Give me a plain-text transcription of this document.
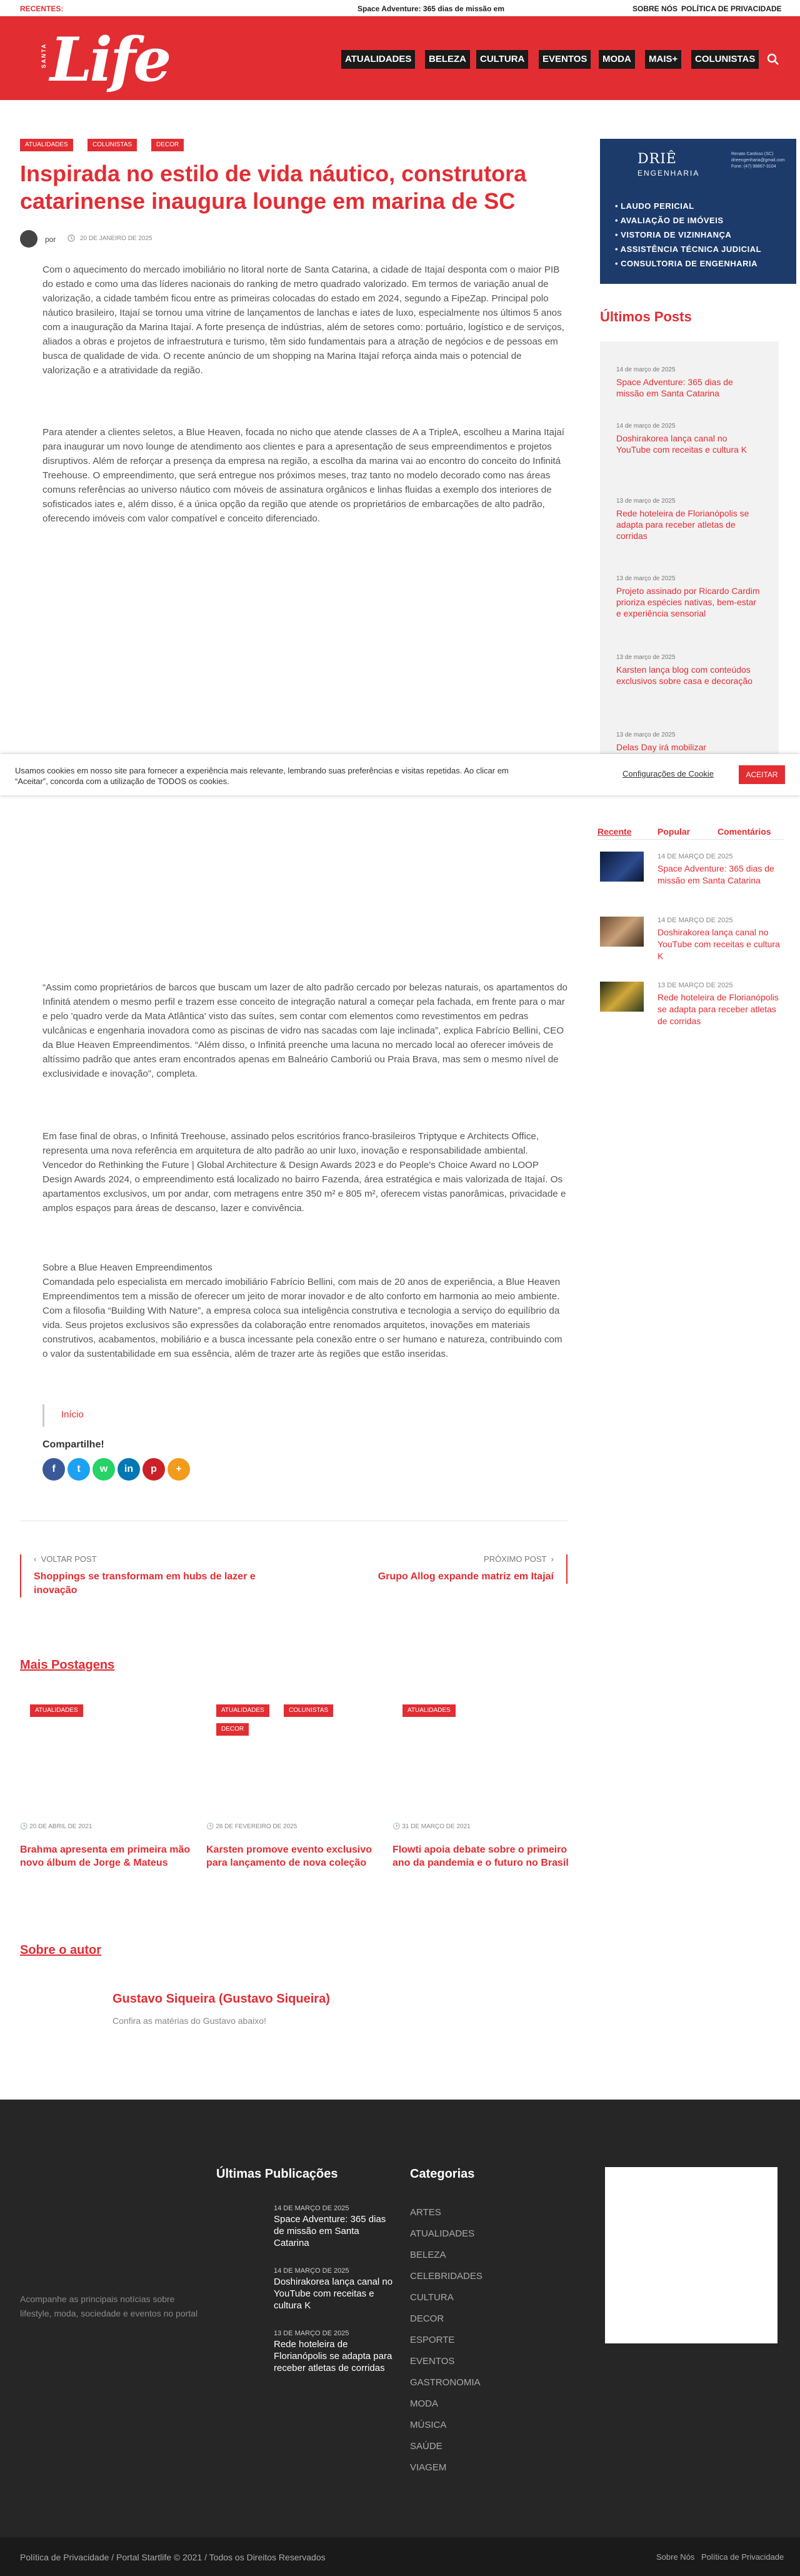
RECENTES:	Space Adventure: 365 dias de missão em	SOBRE NÓS POLÍTICA DE PRIVACIDADE
SANTA Life	ATUALIDADES	BELEZA	CULTURA	EVENTOS	MODA	MAIS+	COLUNISTAS
ATUALIDADES	COLUNISTAS	DECOR
Inspirada no estilo de vida náutico, construtora catarinense inaugura lounge em marina de SC
por	20 DE JANEIRO DE 2025

Com o aquecimento do mercado imobiliário no litoral norte de Santa Catarina, a cidade de Itajaí desponta com o maior PIB do estado e como uma das líderes nacionais do ranking de metro quadrado valorizado. Em termos de variação anual de valorização, a cidade também ficou entre as primeiras colocadas do estado em 2024, segundo a FipeZap. Principal polo náutico brasileiro, Itajaí se tornou uma vitrine de lançamentos de lanchas e iates de luxo, especialmente nos últimos 5 anos com a inauguração da Marina Itajaí. A forte presença de indústrias, além de setores como: portuário, logístico e de serviços, aliados a obras e projetos de infraestrutura e turismo, têm sido fundamentais para a atração de negócios e de pessoas em busca de qualidade de vida. O recente anúncio de um shopping na Marina Itajaí reforça ainda mais o potencial de valorização e a atratividade da região.

Para atender a clientes seletos, a Blue Heaven, focada no nicho que atende classes de A a TripleA, escolheu a Marina Itajaí para inaugurar um novo lounge de atendimento aos clientes e para a apresentação de seus empreendimentos e projetos disruptivos. Além de reforçar a presença da empresa na região, a escolha da marina vai ao encontro do conceito do Infinitá Treehouse. O empreendimento, que será entregue nos próximos meses, traz tanto no modelo decorado como nas áreas comuns referências ao universo náutico com móveis de assinatura orgânicos e linhas fluidas a exemplo dos interiores de sofisticados iates e, além disso, é a única opção da região que atende os proprietários de embarcações de alto padrão, oferecendo imóveis com valor compatível e conceito diferenciado.

“Assim como proprietários de barcos que buscam um lazer de alto padrão cercado por belezas naturais, os apartamentos do Infinitá atendem o mesmo perfil e trazem esse conceito de integração natural a começar pela fachada, em frente para o mar e pelo 'quadro verde da Mata Atlântica' visto das suítes, sem contar com elementos como revestimentos em pedras vulcânicas e engenharia inovadora como as piscinas de vidro nas sacadas com laje inclinada”, explica Fabrício Bellini, CEO da Blue Heaven Empreendimentos. “Além disso, o Infinitá preenche uma lacuna no mercado local ao oferecer imóveis de altíssimo padrão que antes eram encontrados apenas em Balneário Camboriú ou Praia Brava, mas sem o mesmo nível de exclusividade e inovação”, completa.

Em fase final de obras, o Infinitá Treehouse, assinado pelos escritórios franco-brasileiros Triptyque e Architects Office, representa uma nova referência em arquitetura de alto padrão ao unir luxo, inovação e responsabilidade ambiental. Vencedor do Rethinking the Future | Global Architecture & Design Awards 2023 e do People's Choice Award no LOOP Design Awards 2024, o empreendimento está localizado no bairro Fazenda, área estratégica e mais valorizada de Itajaí. Os apartamentos exclusivos, um por andar, com metragens entre 350 m² e 805 m², oferecem vistas panorâmicas, privacidade e amplos espaços para áreas de descanso, lazer e convivência.

Sobre a Blue Heaven Empreendimentos

Comandada pelo especialista em mercado imobiliário Fabrício Bellini, com mais de 20 anos de experiência, a Blue Heaven Empreendimentos tem a missão de oferecer um jeito de morar inovador e de alto conforto em harmonia ao meio ambiente. Com a filosofia “Building With Nature”, a empresa coloca sua inteligência construtiva e tecnologia a serviço do equilíbrio da vida. Seus projetos exclusivos são expressões da colaboração entre renomados arquitetos, inovações em materiais construtivos, acabamentos, mobiliário e a busca incessante pela conexão entre o ser humano e natureza, contribuindo com o valor da sustentabilidade em sua essência, além de trazer arte às regiões que estão inseridas.

Início
Compartilhe!
f	t	w	in	p	+
‹  VOLTAR POST
Shoppings se transformam em hubs de lazer e inovação
PRÓXIMO POST  ›
Grupo Allog expande matriz em Itajaí
Mais Postagens
ATUALIDADES
🕒 20 DE ABRIL DE 2021
Brahma apresenta em primeira mão novo álbum de Jorge & Mateus
ATUALIDADES	COLUNISTAS
DECOR
🕒 28 DE FEVEREIRO DE 2025
Karsten promove evento exclusivo para lançamento de nova coleção
ATUALIDADES
🕒 31 DE MARÇO DE 2021
Flowti apoia debate sobre o primeiro ano da pandemia e o futuro no Brasil
Sobre o autor
Gustavo Siqueira (Gustavo Siqueira)
Confira as matérias do Gustavo abaixo!
DRIÊ
ENGENHARIA
Renato Cardoso (SC)
drieengenharia@gmail.com
Fone: (47) 98867-3104
• LAUDO PERICIAL
• AVALIAÇÃO DE IMÓVEIS
• VISTORIA DE VIZINHANÇA
• ASSISTÊNCIA TÉCNICA JUDICIAL
• CONSULTORIA DE ENGENHARIA
Últimos Posts
14 de março de 2025
Space Adventure: 365 dias de missão em Santa Catarina
14 de março de 2025
Doshirakorea lança canal no YouTube com receitas e cultura K
13 de março de 2025
Rede hoteleira de Florianópolis se adapta para receber atletas de corridas
13 de março de 2025
Projeto assinado por Ricardo Cardim prioriza espécies nativas, bem-estar e experiência sensorial
13 de março de 2025
Karsten lança blog com conteúdos exclusivos sobre casa e decoração
13 de março de 2025
Delas Day irá mobilizar
Usamos cookies em nosso site para fornecer a experiência mais relevante, lembrando suas preferências e visitas repetidas. Ao clicar em “Aceitar”, concorda com a utilização de TODOS os cookies.
Configurações de Cookie	ACEITAR
Recente	Popular	Comentários
14 DE MARÇO DE 2025
Space Adventure: 365 dias de missão em Santa Catarina
14 DE MARÇO DE 2025
Doshirakorea lança canal no YouTube com receitas e cultura K
13 DE MARÇO DE 2025
Rede hoteleira de Florianópolis se adapta para receber atletas de corridas
Acompanhe as principais notícias sobre lifestyle, moda, sociedade e eventos no portal
Últimas Publicações
14 DE MARÇO DE 2025
Space Adventure: 365 dias de missão em Santa Catarina
14 DE MARÇO DE 2025
Doshirakorea lança canal no YouTube com receitas e cultura K
13 DE MARÇO DE 2025
Rede hoteleira de Florianópolis se adapta para receber atletas de corridas
Categorias
ARTES
ATUALIDADES
BELEZA
CELEBRIDADES
CULTURA
DECOR
ESPORTE
EVENTOS
GASTRONOMIA
MODA
MÚSICA
SAÚDE
VIAGEM
Política de Privacidade / Portal Startlife © 2021 / Todos os Direitos Reservados	Sobre Nós Política de Privacidade
